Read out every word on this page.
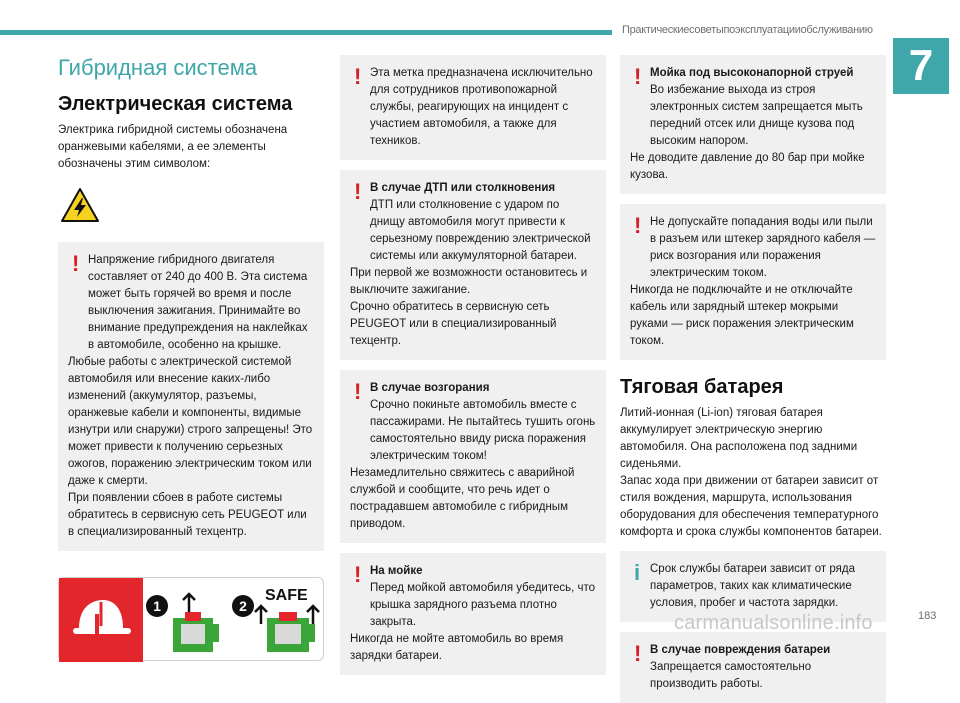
Практическиесоветыпоэксплуатацииобслуживанию
7
Гибридная система
Электрическая система
Электрика гибридной системы обозначена оранжевыми кабелями, а ее элементы обозначены этим символом:
! Напряжение гибридного двигателя составляет от 240 до 400 В. Эта система может быть горячей во время и после выключения зажигания. Принимайте во внимание предупреждения на наклейках в автомобиле, особенно на крышке.

Любые работы с электрической системой автомобиля или внесение каких-либо изменений (аккумулятор, разъемы, оранжевые кабели и компоненты, видимые изнутри или снаружи) строго запрещены! Это может привести к получению серьезных ожогов, поражению электрическим током или даже к смерти.

При появлении сбоев в работе системы обратитесь в сервисную сеть PEUGEOT или в специализированный техцентр.

1	2
SAFE
! Эта метка предназначена исключительно для сотрудников противопожарной службы, реагирующих на инцидент с участием автомобиля, а также для техников.

! В случае ДТП или столкновения

ДТП или столкновение с ударом по днищу автомобиля могут привести к серьезному повреждению электрической системы или аккумуляторной батареи.

При первой же возможности остановитесь и выключите зажигание.

Срочно обратитесь в сервисную сеть PEUGEOT или в специализированный техцентр.

! В случае возгорания

Срочно покиньте автомобиль вместе с пассажирами. Не пытайтесь тушить огонь самостоятельно ввиду риска поражения электрическим током!

Незамедлительно свяжитесь с аварийной службой и сообщите, что речь идет о пострадавшем автомобиле с гибридным приводом.

! На мойке

Перед мойкой автомобиля убедитесь, что крышка зарядного разъема плотно закрыта.

Никогда не мойте автомобиль во время зарядки батареи.

! Мойка под высоконапорной струей

Во избежание выхода из строя электронных систем запрещается мыть передний отсек или днище кузова под высоким напором.

Не доводите давление до 80 бар при мойке кузова.

! Не допускайте попадания воды или пыли в разъем или штекер зарядного кабеля — риск возгорания или поражения электрическим током.

Никогда не подключайте и не отключайте кабель или зарядный штекер мокрыми руками — риск поражения электрическим током.

Тяговая батарея

Литий-ионная (Li-ion) тяговая батарея аккумулирует электрическую энергию автомобиля. Она расположена под задними сиденьями.

Запас хода при движении от батареи зависит от стиля вождения, маршрута, использования оборудования для обеспечения температурного комфорта и срока службы компонентов батареи.

i Срок службы батареи зависит от ряда параметров, таких как климатические условия, пробег и частота зарядки.

! В случае повреждения батареи

Запрещается самостоятельно производить работы.

carmanualsonline.info	183
